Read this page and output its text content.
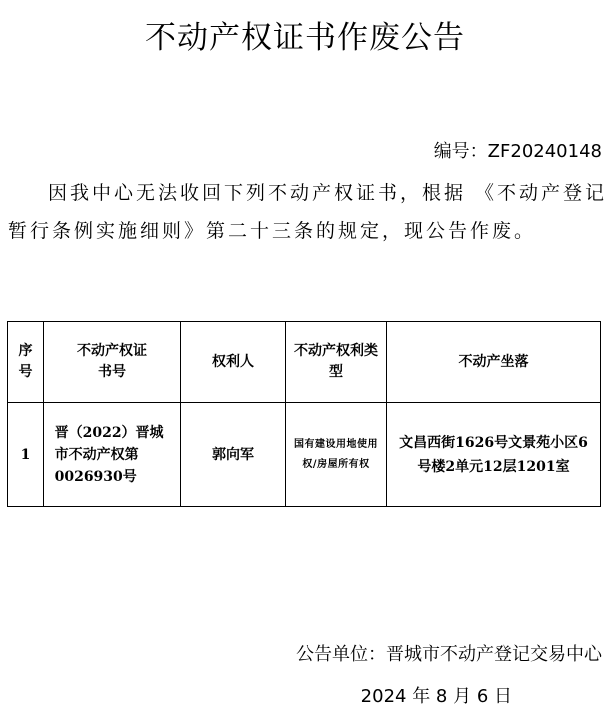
不动产权证书作废公告
编号：ZF20240148
因我中心无法收回下列不动产权证书，根据 《不动产登记暂行条例实施细则》第二十三条的规定，现公告作废。
序号	不动产权证书号	权利人	不动产权利类型	不动产坐落
1	晋（2022）晋城市不动产权第0026930号	郭向军	国有建设用地使用权/房屋所有权	文昌西街1626号文景苑小区6号楼2单元12层1201室
公告单位：晋城市不动产登记交易中心
2024 年 8 月 6 日
